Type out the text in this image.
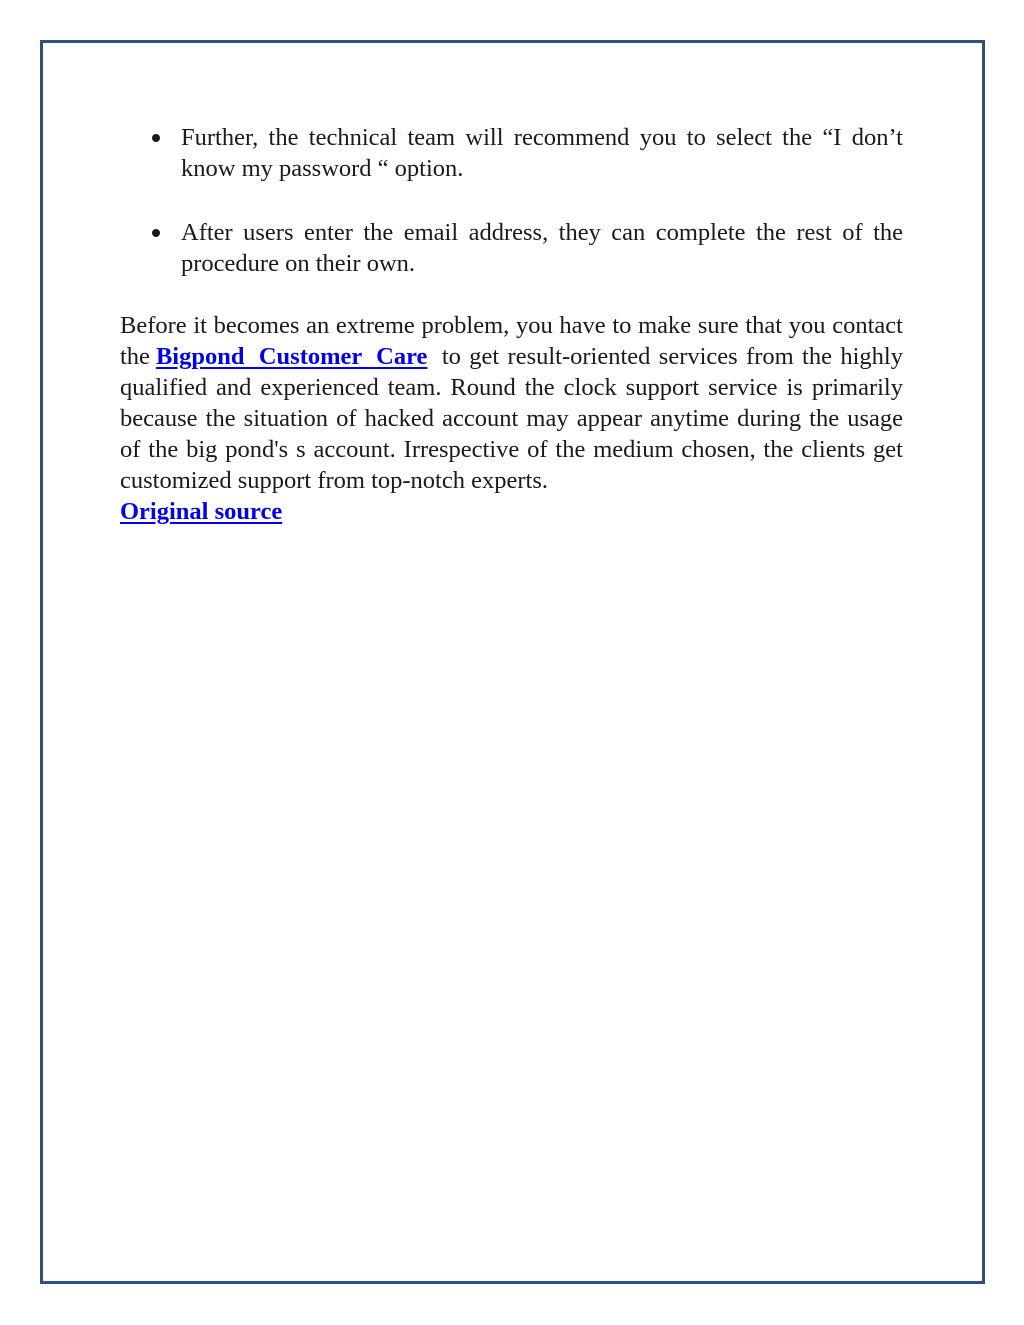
Further, the technical team will recommend you to select the “I don’t know my password “ option.
After users enter the email address, they can complete the rest of the procedure on their own.

Before it becomes an extreme problem, you have to make sure that you contact the Bigpond Customer Care to get result-oriented services from the highly qualified and experienced team. Round the clock support service is primarily because the situation of hacked account may appear anytime during the usage of the big pond's s account. Irrespective of the medium chosen, the clients get customized support from top-notch experts.

Original source
